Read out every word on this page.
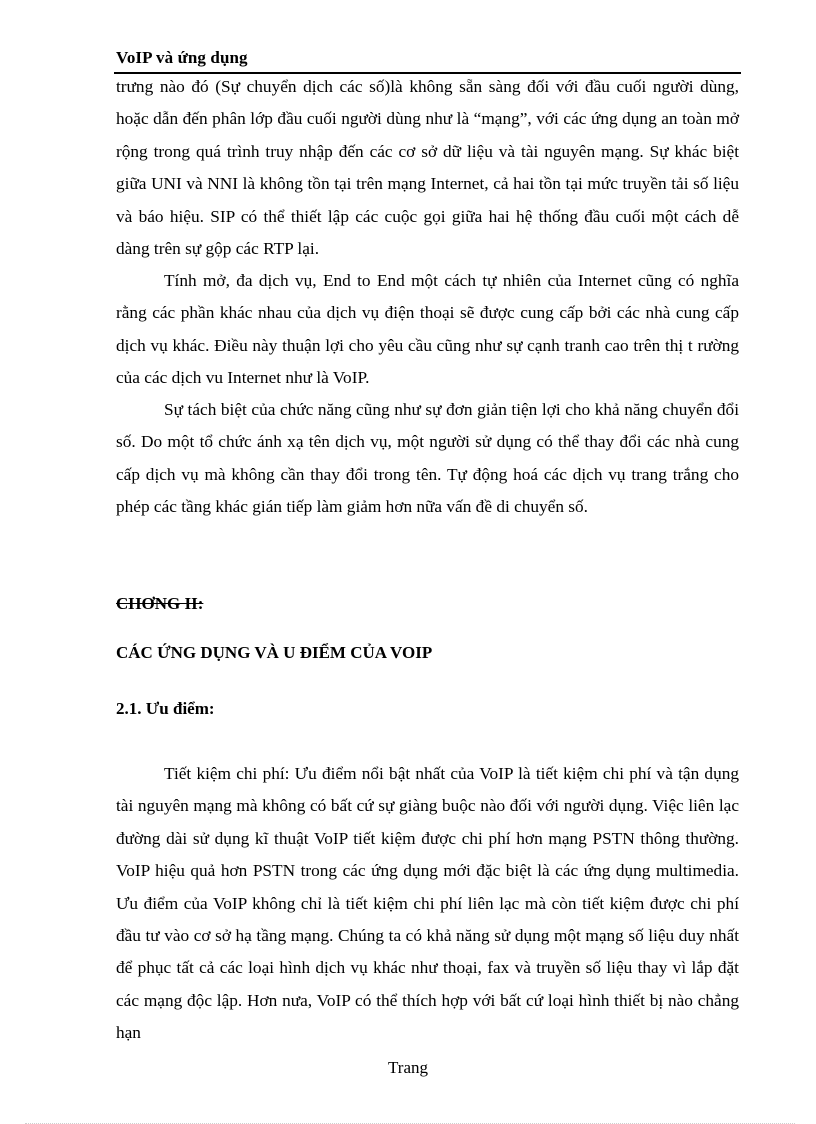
VoIP và ứng dụng
trưng nào đó (Sự chuyển dịch các số)là không sẵn sàng đối với đầu cuối người dùng, hoặc dẫn đến phân lớp đầu cuối người dùng như là “mạng”, với các ứng dụng an toàn mở rộng trong quá trình truy nhập đến các cơ sở dữ liệu và tài nguyên mạng. Sự khác biệt giữa UNI và NNI là không tồn tại trên mạng Internet, cả hai tồn tại mức truyền tải số liệu và báo hiệu. SIP có thể thiết lập các cuộc gọi giữa hai hệ thống đầu cuối một cách dễ dàng trên sự gộp các RTP lại.
Tính mở, đa dịch vụ, End to End một cách tự nhiên của Internet cũng có nghĩa rằng các phần khác nhau của dịch vụ điện thoại sẽ được cung cấp bởi các nhà cung cấp dịch vụ khác. Điều này thuận lợi cho yêu cầu cũng như sự cạnh tranh cao trên thị t rường của các dịch vu Internet như là VoIP.
Sự tách biệt của chức năng cũng như sự đơn giản tiện lợi cho khả năng chuyển đổi số. Do một tổ chức ánh xạ tên dịch vụ, một người sử dụng có thể thay đổi các nhà cung cấp dịch vụ mà không cần thay đổi trong tên. Tự động hoá các dịch vụ trang trắng cho phép các tầng khác gián tiếp làm giảm hơn nữa vấn đề di chuyển số.
CHƠNG II:
CÁC ỨNG DỤNG VÀ U ĐIỂM CỦA VOIP
2.1. Ưu điểm:
Tiết kiệm chi phí: Ưu điểm nổi bật nhất của VoIP là tiết kiệm chi phí và tận dụng tài nguyên mạng mà không có bất cứ sự giàng buộc nào đối với người dụng. Việc liên lạc đường dài sử dụng kĩ thuật VoIP tiết kiệm được chi phí hơn mạng PSTN thông thường. VoIP hiệu quả hơn PSTN trong các ứng dụng mới đặc biệt là các ứng dụng multimedia. Ưu điểm của VoIP không chỉ là tiết kiệm chi phí liên lạc mà còn tiết kiệm được chi phí đầu tư vào cơ sở hạ tầng mạng. Chúng ta có khả năng sử dụng một mạng số liệu duy nhất để phục tất cả các loại hình dịch vụ khác như thoại, fax và truyền số liệu thay vì lắp đặt các mạng độc lập. Hơn nưa, VoIP có thể thích hợp với bất cứ loại hình thiết bị nào chẳng hạn
Trang
